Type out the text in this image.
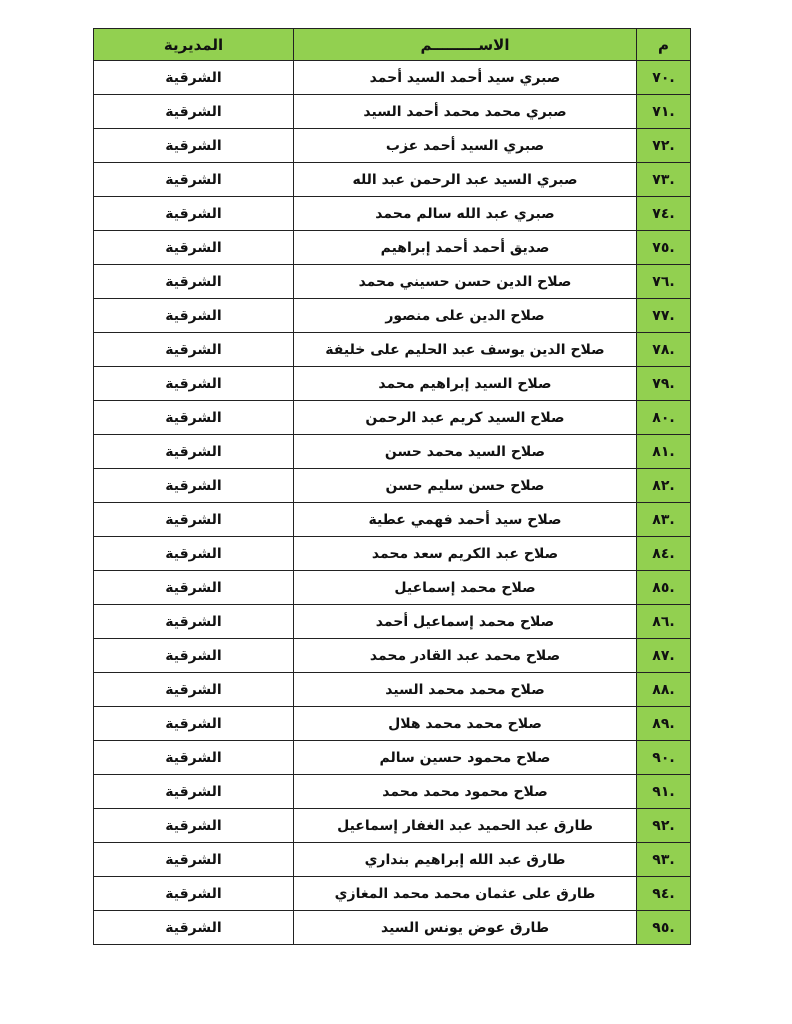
م	الاســـــــــم	المديرية
٧٠.	صبري سيد أحمد السيد أحمد	الشرقية
٧١.	صبري محمد محمد أحمد السيد	الشرقية
٧٢.	صبري السيد أحمد عزب	الشرقية
٧٣.	صبري السيد عبد الرحمن عبد الله	الشرقية
٧٤.	صبري عبد الله سالم محمد	الشرقية
٧٥.	صديق أحمد أحمد إبراهيم	الشرقية
٧٦.	صلاح الدين حسن حسيني محمد	الشرقية
٧٧.	صلاح الدين على منصور	الشرقية
٧٨.	صلاح الدين يوسف عبد الحليم على خليفة	الشرقية
٧٩.	صلاح السيد إبراهيم محمد	الشرقية
٨٠.	صلاح السيد كريم عبد الرحمن	الشرقية
٨١.	صلاح السيد محمد حسن	الشرقية
٨٢.	صلاح حسن سليم حسن	الشرقية
٨٣.	صلاح سيد أحمد فهمي عطية	الشرقية
٨٤.	صلاح عبد الكريم سعد محمد	الشرقية
٨٥.	صلاح محمد إسماعيل	الشرقية
٨٦.	صلاح محمد إسماعيل أحمد	الشرقية
٨٧.	صلاح محمد عبد القادر محمد	الشرقية
٨٨.	صلاح محمد محمد السيد	الشرقية
٨٩.	صلاح محمد محمد هلال	الشرقية
٩٠.	صلاح محمود حسين سالم	الشرقية
٩١.	صلاح محمود محمد محمد	الشرقية
٩٢.	طارق عبد الحميد عبد الغفار إسماعيل	الشرقية
٩٣.	طارق عبد الله إبراهيم بنداري	الشرقية
٩٤.	طارق على عثمان محمد محمد المغازي	الشرقية
٩٥.	طارق عوض يونس السيد	الشرقية
